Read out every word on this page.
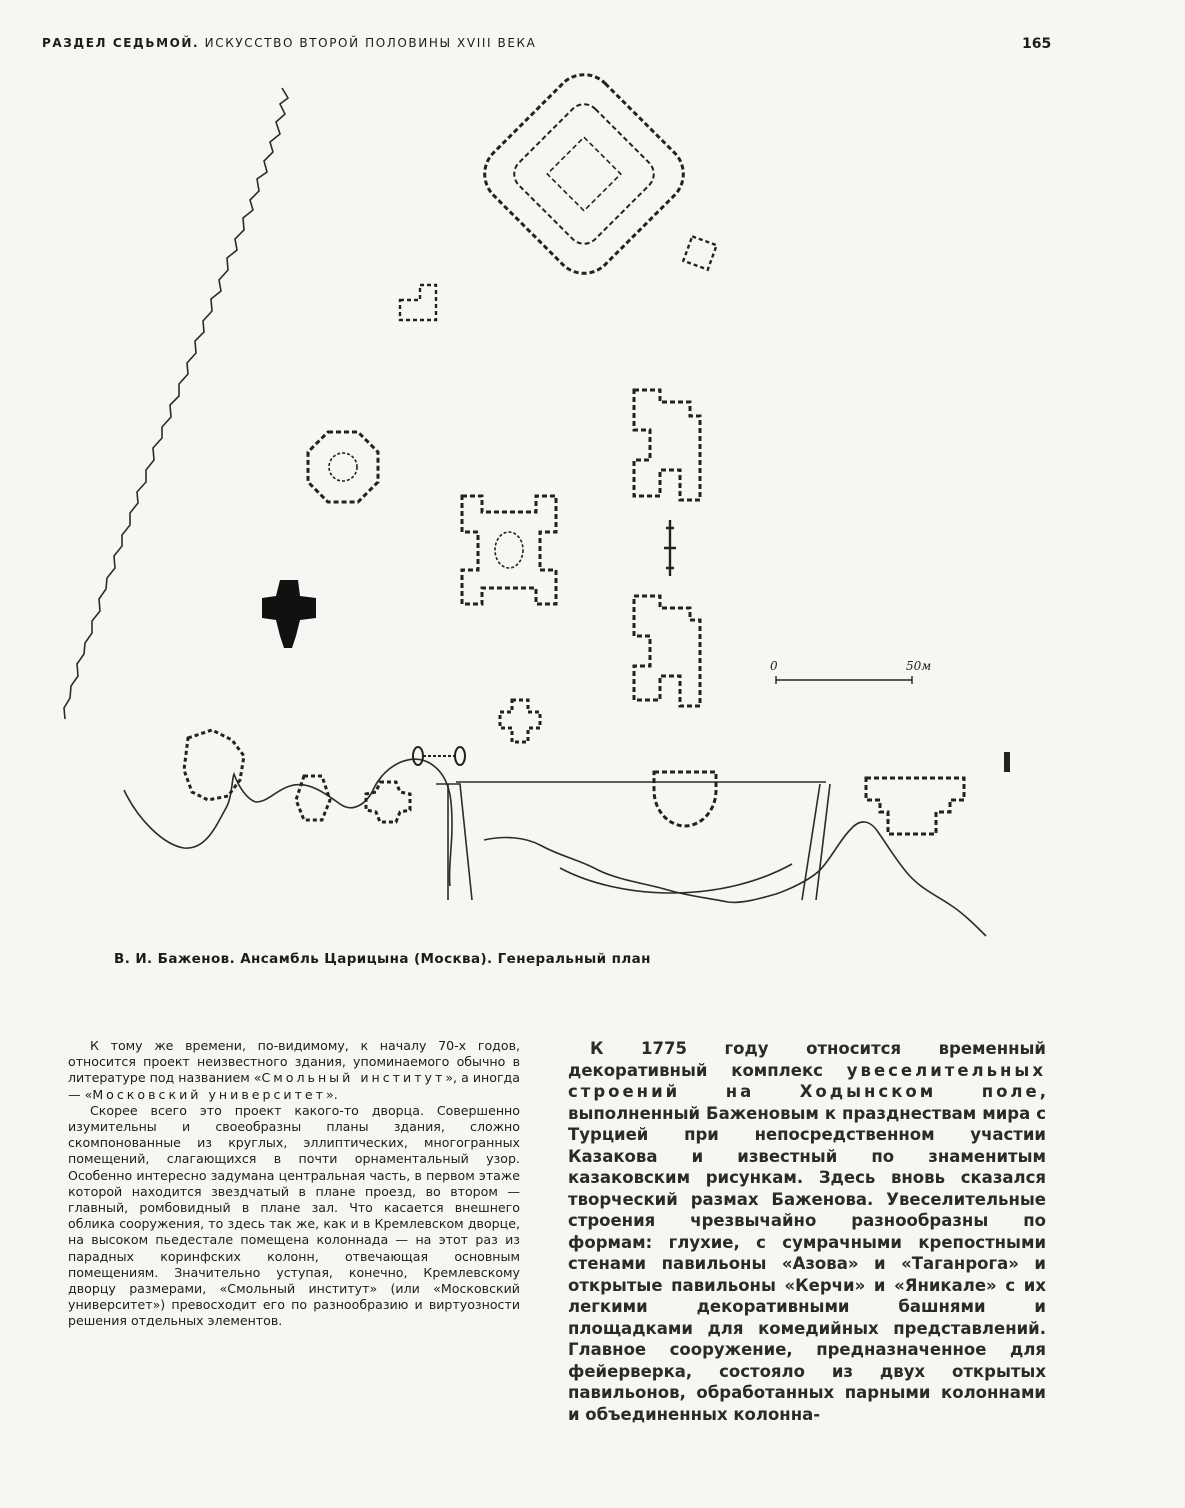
РАЗДЕЛ СЕДЬМОЙ. ИСКУССТВО ВТОРОЙ ПОЛОВИНЫ XVIII ВЕКА	165
0	50м
В. И. Баженов. Ансамбль Царицына (Москва). Генеральный план

К тому же времени, по-видимому, к началу 70-х годов, относится проект неизвестного здания, упоминаемого обычно в литературе под названием «Смольный институт», а иногда — «Московский университет».

Скорее всего это проект какого-то дворца. Совершенно изумительны и своеобразны планы здания, сложно скомпонованные из круглых, эллиптических, многогранных помещений, слагающихся в почти орнаментальный узор. Особенно интересно задумана центральная часть, в первом этаже которой находится звездчатый в плане проезд, во втором — главный, ромбовидный в плане зал. Что касается внешнего облика сооружения, то здесь так же, как и в Кремлевском дворце, на высоком пьедестале помещена колоннада — на этот раз из парадных коринфских колонн, отвечающая основным помещениям. Значительно уступая, конечно, Кремлевскому дворцу размерами, «Смольный институт» (или «Московский университет») превосходит его по разнообразию и виртуозности решения отдельных элементов.

К 1775 году относится временный декоративный комплекс увеселительных строений на Ходынском поле, выполненный Баженовым к празднествам мира с Турцией при непосредственном участии Казакова и известный по знаменитым казаковским рисункам. Здесь вновь сказался творческий размах Баженова. Увеселительные строения чрезвычайно разнообразны по формам: глухие, с сумрачными крепостными стенами павильоны «Азова» и «Таганрога» и открытые павильоны «Керчи» и «Яникале» с их легкими декоративными башнями и площадками для комедийных представлений. Главное сооружение, предназначенное для фейерверка, состояло из двух открытых павильонов, обработанных парными колоннами и объединенных колонна-
